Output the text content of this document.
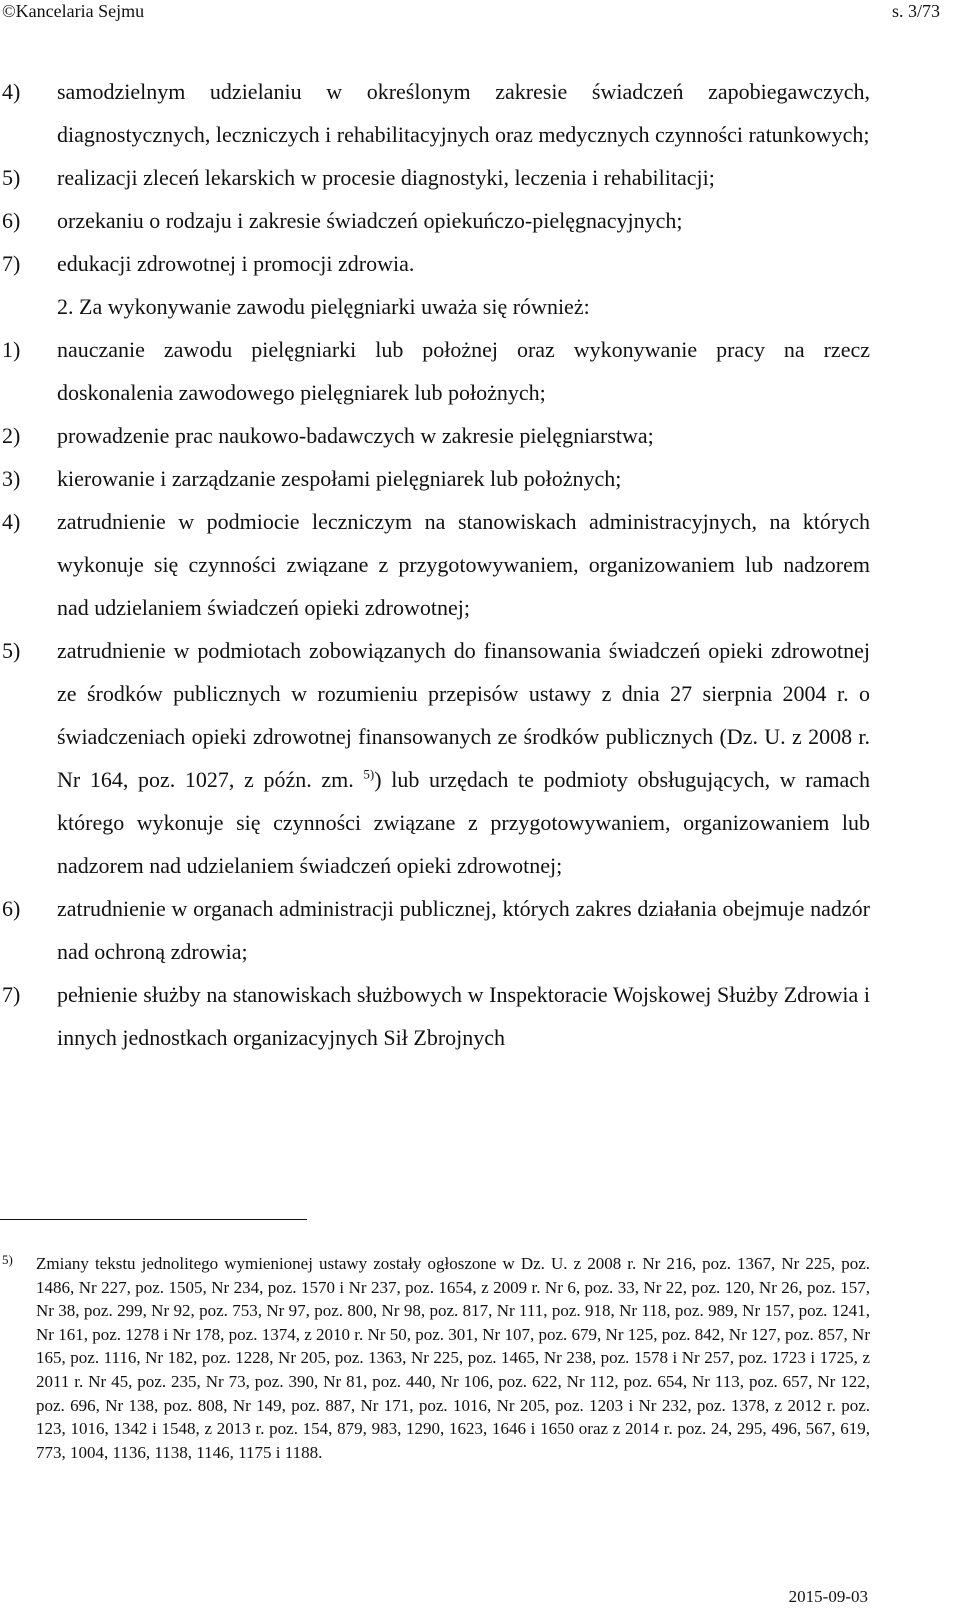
©Kancelaria Sejmu	s. 3/73
4) samodzielnym udzielaniu w określonym zakresie świadczeń zapobiegawczych, diagnostycznych, leczniczych i rehabilitacyjnych oraz medycznych czynności ratunkowych;
5) realizacji zleceń lekarskich w procesie diagnostyki, leczenia i rehabilitacji;
6) orzekaniu o rodzaju i zakresie świadczeń opiekuńczo-pielęgnacyjnych;
7) edukacji zdrowotnej i promocji zdrowia.
2. Za wykonywanie zawodu pielęgniarki uważa się również:
1) nauczanie zawodu pielęgniarki lub położnej oraz wykonywanie pracy na rzecz doskonalenia zawodowego pielęgniarek lub położnych;
2) prowadzenie prac naukowo-badawczych w zakresie pielęgniarstwa;
3) kierowanie i zarządzanie zespołami pielęgniarek lub położnych;
4) zatrudnienie w podmiocie leczniczym na stanowiskach administracyjnych, na których wykonuje się czynności związane z przygotowywaniem, organizowaniem lub nadzorem nad udzielaniem świadczeń opieki zdrowotnej;
5) zatrudnienie w podmiotach zobowiązanych do finansowania świadczeń opieki zdrowotnej ze środków publicznych w rozumieniu przepisów ustawy z dnia 27 sierpnia 2004 r. o świadczeniach opieki zdrowotnej finansowanych ze środków publicznych (Dz. U. z 2008 r. Nr 164, poz. 1027, z późn. zm. $^{5)}$) lub urzędach te podmioty obsługujących, w ramach którego wykonuje się czynności związane z przygotowywaniem, organizowaniem lub nadzorem nad udzielaniem świadczeń opieki zdrowotnej;
6) zatrudnienie w organach administracji publicznej, których zakres działania obejmuje nadzór nad ochroną zdrowia;
7) pełnienie służby na stanowiskach służbowych w Inspektoracie Wojskowej Służby Zdrowia i innych jednostkach organizacyjnych Sił Zbrojnych
5)	Zmiany tekstu jednolitego wymienionej ustawy zostały ogłoszone w Dz. U. z 2008 r. Nr 216, poz. 1367, Nr 225, poz. 1486, Nr 227, poz. 1505, Nr 234, poz. 1570 i Nr 237, poz. 1654, z 2009 r. Nr 6, poz. 33, Nr 22, poz. 120, Nr 26, poz. 157, Nr 38, poz. 299, Nr 92, poz. 753, Nr 97, poz. 800, Nr 98, poz. 817, Nr 111, poz. 918, Nr 118, poz. 989, Nr 157, poz. 1241, Nr 161, poz. 1278 i Nr 178, poz. 1374, z 2010 r. Nr 50, poz. 301, Nr 107, poz. 679, Nr 125, poz. 842, Nr 127, poz. 857, Nr 165, poz. 1116, Nr 182, poz. 1228, Nr 205, poz. 1363, Nr 225, poz. 1465, Nr 238, poz. 1578 i Nr 257, poz. 1723 i 1725, z 2011 r. Nr 45, poz. 235, Nr 73, poz. 390, Nr 81, poz. 440, Nr 106, poz. 622, Nr 112, poz. 654, Nr 113, poz. 657, Nr 122, poz. 696, Nr 138, poz. 808, Nr 149, poz. 887, Nr 171, poz. 1016, Nr 205, poz. 1203 i Nr 232, poz. 1378, z 2012 r. poz. 123, 1016, 1342 i 1548, z 2013 r. poz. 154, 879, 983, 1290, 1623, 1646 i 1650 oraz z 2014 r. poz. 24, 295, 496, 567, 619, 773, 1004, 1136, 1138, 1146, 1175 i 1188.
2015-09-03
